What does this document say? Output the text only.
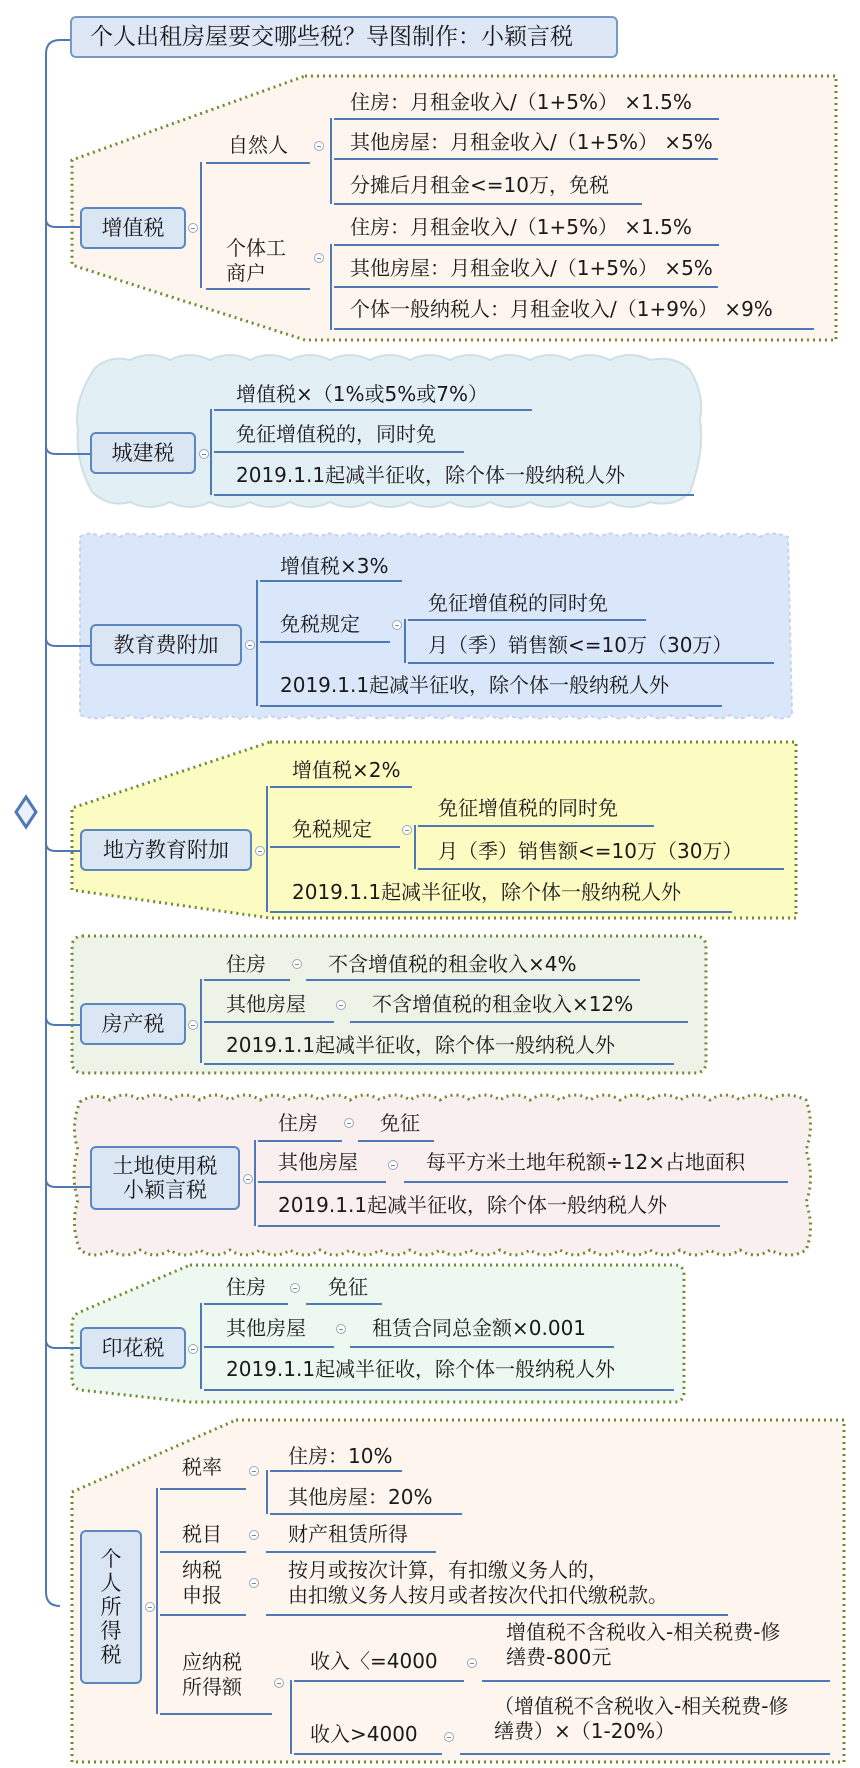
个人出租房屋要交哪些税？导图制作：小颖言税
增值税
自然人
住房：月租金收入/（1+5%） ×1.5%
其他房屋：月租金收入/（1+5%） ×5%
分摊后月租金<=10万，免税
个体工
商户
住房：月租金收入/（1+5%） ×1.5%
其他房屋：月租金收入/（1+5%） ×5%
个体一般纳税人：月租金收入/（1+9%） ×9%
城建税
增值税×（1%或5%或7%）
免征增值税的，同时免
2019.1.1起减半征收，除个体一般纳税人外
教育费附加
增值税×3%
免税规定
免征增值税的同时免
月（季）销售额<=10万（30万）
2019.1.1起减半征收，除个体一般纳税人外
地方教育附加
增值税×2%
免税规定
免征增值税的同时免
月（季）销售额<=10万（30万）
2019.1.1起减半征收，除个体一般纳税人外
房产税
住房	不含增值税的租金收入×4%
其他房屋	不含增值税的租金收入×12%
2019.1.1起减半征收，除个体一般纳税人外
土地使用税
小颖言税
住房	免征
其他房屋	每平方米土地年税额÷12×占地面积
2019.1.1起减半征收，除个体一般纳税人外
印花税
住房	免征
其他房屋	租赁合同总金额×0.001
2019.1.1起减半征收，除个体一般纳税人外
个
人
所
得
税
税率	住房：10%
其他房屋：20%
税目	财产租赁所得
纳税
申报
按月或按次计算，有扣缴义务人的，
由扣缴义务人按月或者按次代扣代缴税款。
应纳税
所得额
收入〈=4000
增值税不含税收入-相关税费-修
缮费-800元
收入>4000
（增值税不含税收入-相关税费-修
缮费）×（1-20%）
